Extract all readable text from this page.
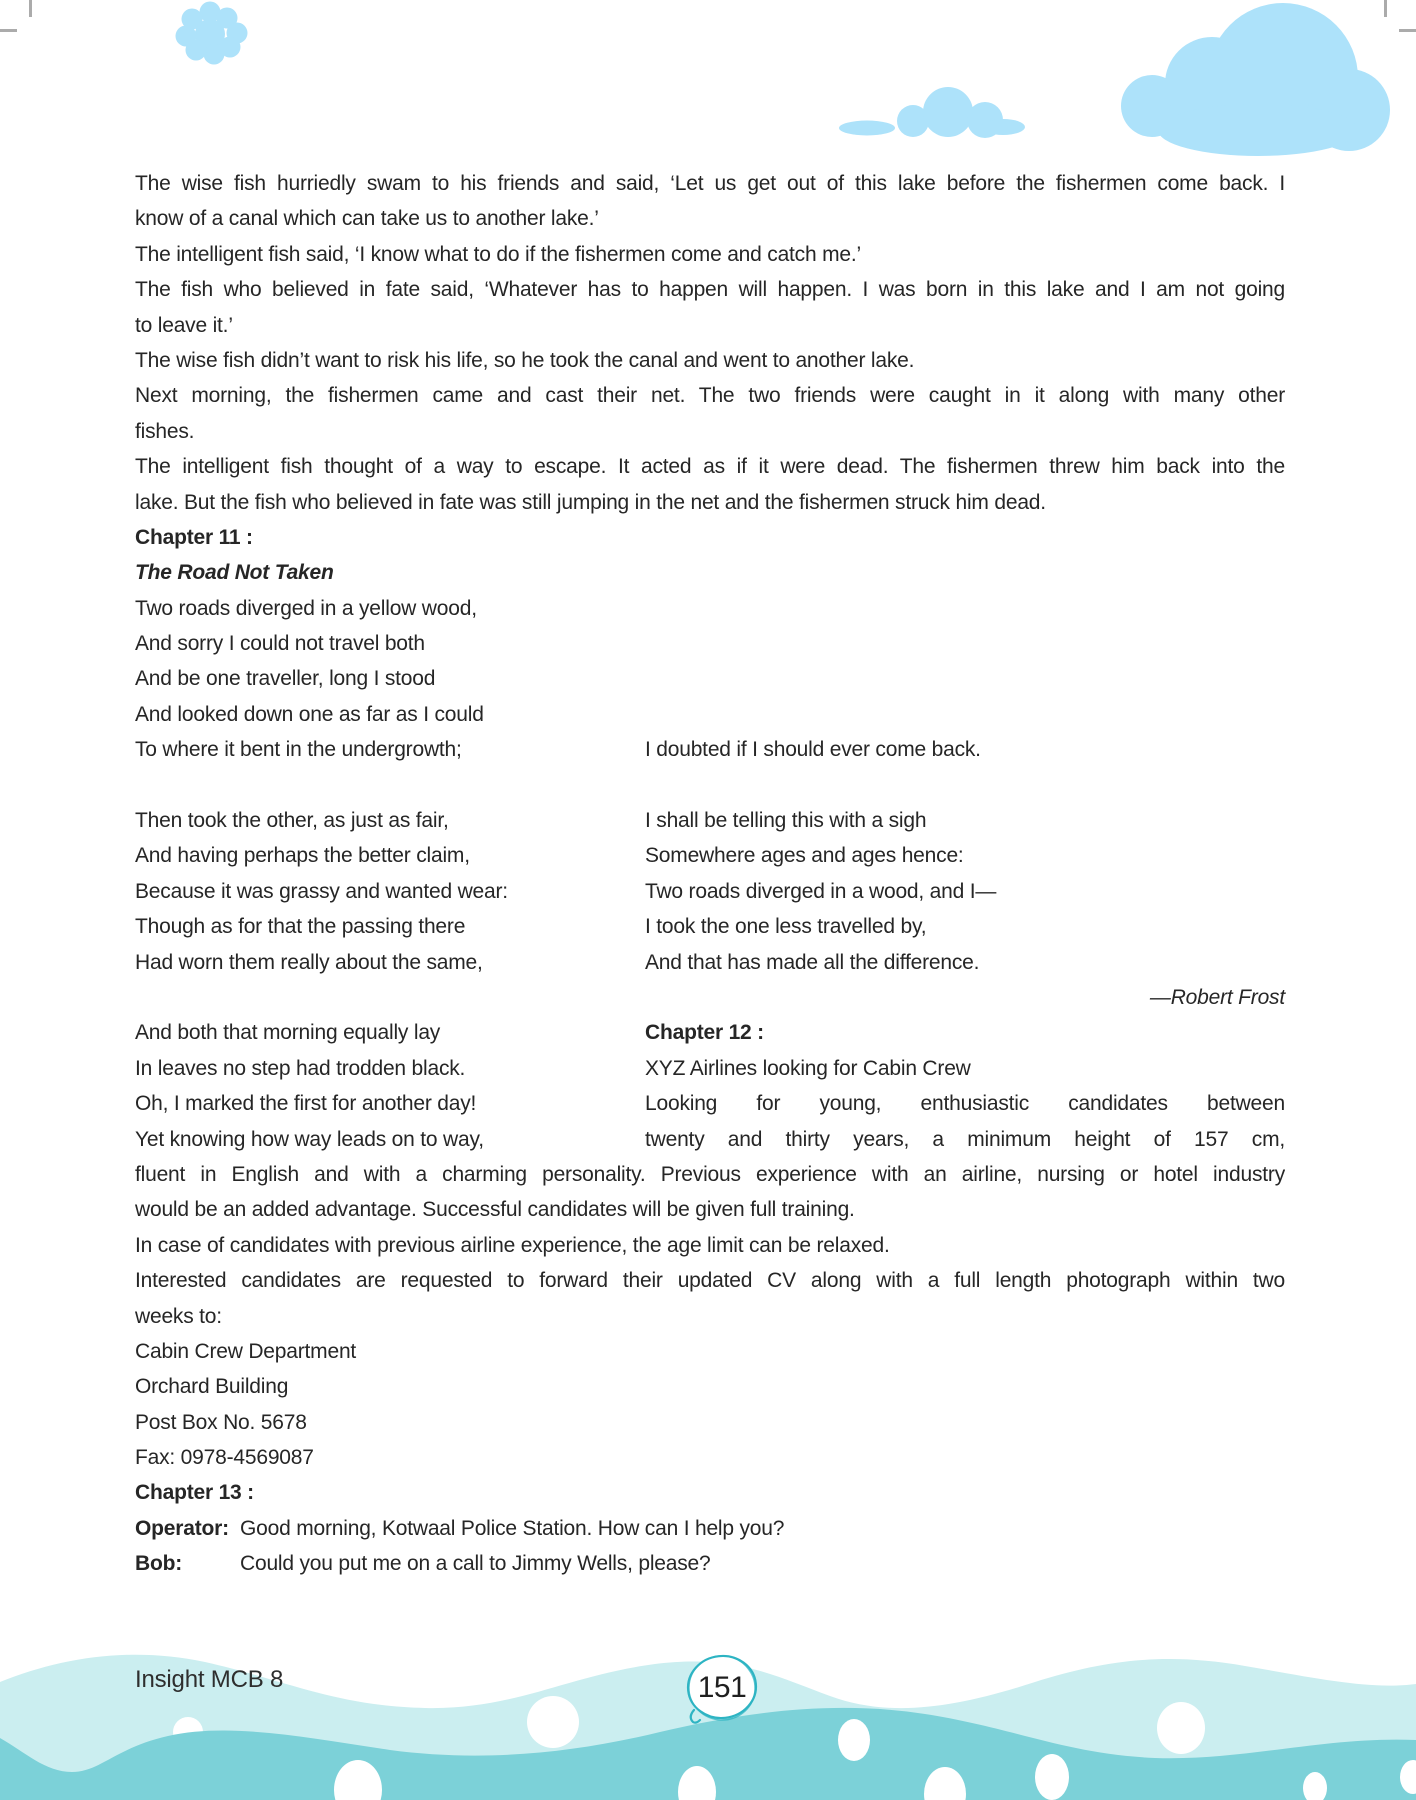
The wise fish hurriedly swam to his friends and said, ‘Let us get out of this lake before the fishermen come back. I
know of a canal which can take us to another lake.’
The intelligent fish said, ‘I know what to do if the fishermen come and catch me.’
The fish who believed in fate said, ‘Whatever has to happen will happen. I was born in this lake and I am not going
to leave it.’
The wise fish didn’t want to risk his life, so he took the canal and went to another lake.
Next morning, the fishermen came and cast their net. The two friends were caught in it along with many other
fishes.
The intelligent fish thought of a way to escape. It acted as if it were dead. The fishermen threw him back into the
lake. But the fish who believed in fate was still jumping in the net and the fishermen struck him dead.
Chapter 11 :
The Road Not Taken
Two roads diverged in a yellow wood,
And sorry I could not travel both
And be one traveller, long I stood
And looked down one as far as I could
To where it bent in the undergrowth;	I doubted if I should ever come back.
Then took the other, as just as fair,	I shall be telling this with a sigh
And having perhaps the better claim,	Somewhere ages and ages hence:
Because it was grassy and wanted wear:	Two roads diverged in a wood, and I—
Though as for that the passing there	I took the one less travelled by,
Had worn them really about the same,	And that has made all the difference.
—Robert Frost
And both that morning equally lay	Chapter 12 :
In leaves no step had trodden black.	XYZ Airlines looking for Cabin Crew
Oh, I marked the first for another day!	Looking for young, enthusiastic candidates between
Yet knowing how way leads on to way,	twenty and thirty years, a minimum height of 157 cm,
fluent in English and with a charming personality. Previous experience with an airline, nursing or hotel industry
would be an added advantage. Successful candidates will be given full training.
In case of candidates with previous airline experience, the age limit can be relaxed.
Interested candidates are requested to forward their updated CV along with a full length photograph within two
weeks to:
Cabin Crew Department
Orchard Building
Post Box No. 5678
Fax: 0978-4569087
Chapter 13 :
Operator: Good morning, Kotwaal Police Station. How can I help you?
Bob:	Could you put me on a call to Jimmy Wells, please?
Insight MCB 8	151
